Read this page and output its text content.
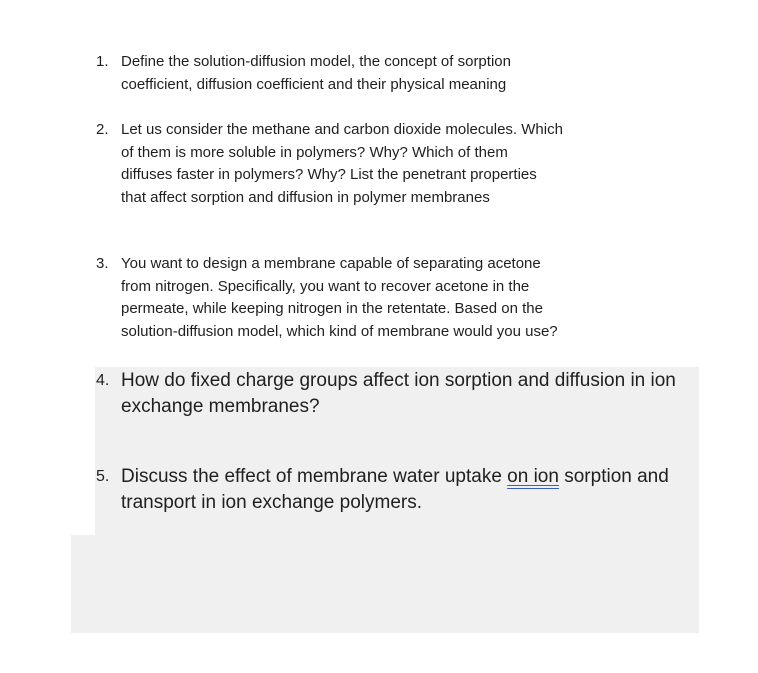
1. Define the solution-diffusion model, the concept of sorption
coefficient, diffusion coefficient and their physical meaning
2. Let us consider the methane and carbon dioxide molecules. Which
of them is more soluble in polymers? Why? Which of them
diffuses faster in polymers? Why? List the penetrant properties
that affect sorption and diffusion in polymer membranes
3. You want to design a membrane capable of separating acetone
from nitrogen. Specifically, you want to recover acetone in the
permeate, while keeping nitrogen in the retentate. Based on the
solution-diffusion model, which kind of membrane would you use?
4. How do fixed charge groups affect ion sorption and diffusion in ion
exchange membranes?
5. Discuss the effect of membrane water uptake on ion sorption and
transport in ion exchange polymers.
